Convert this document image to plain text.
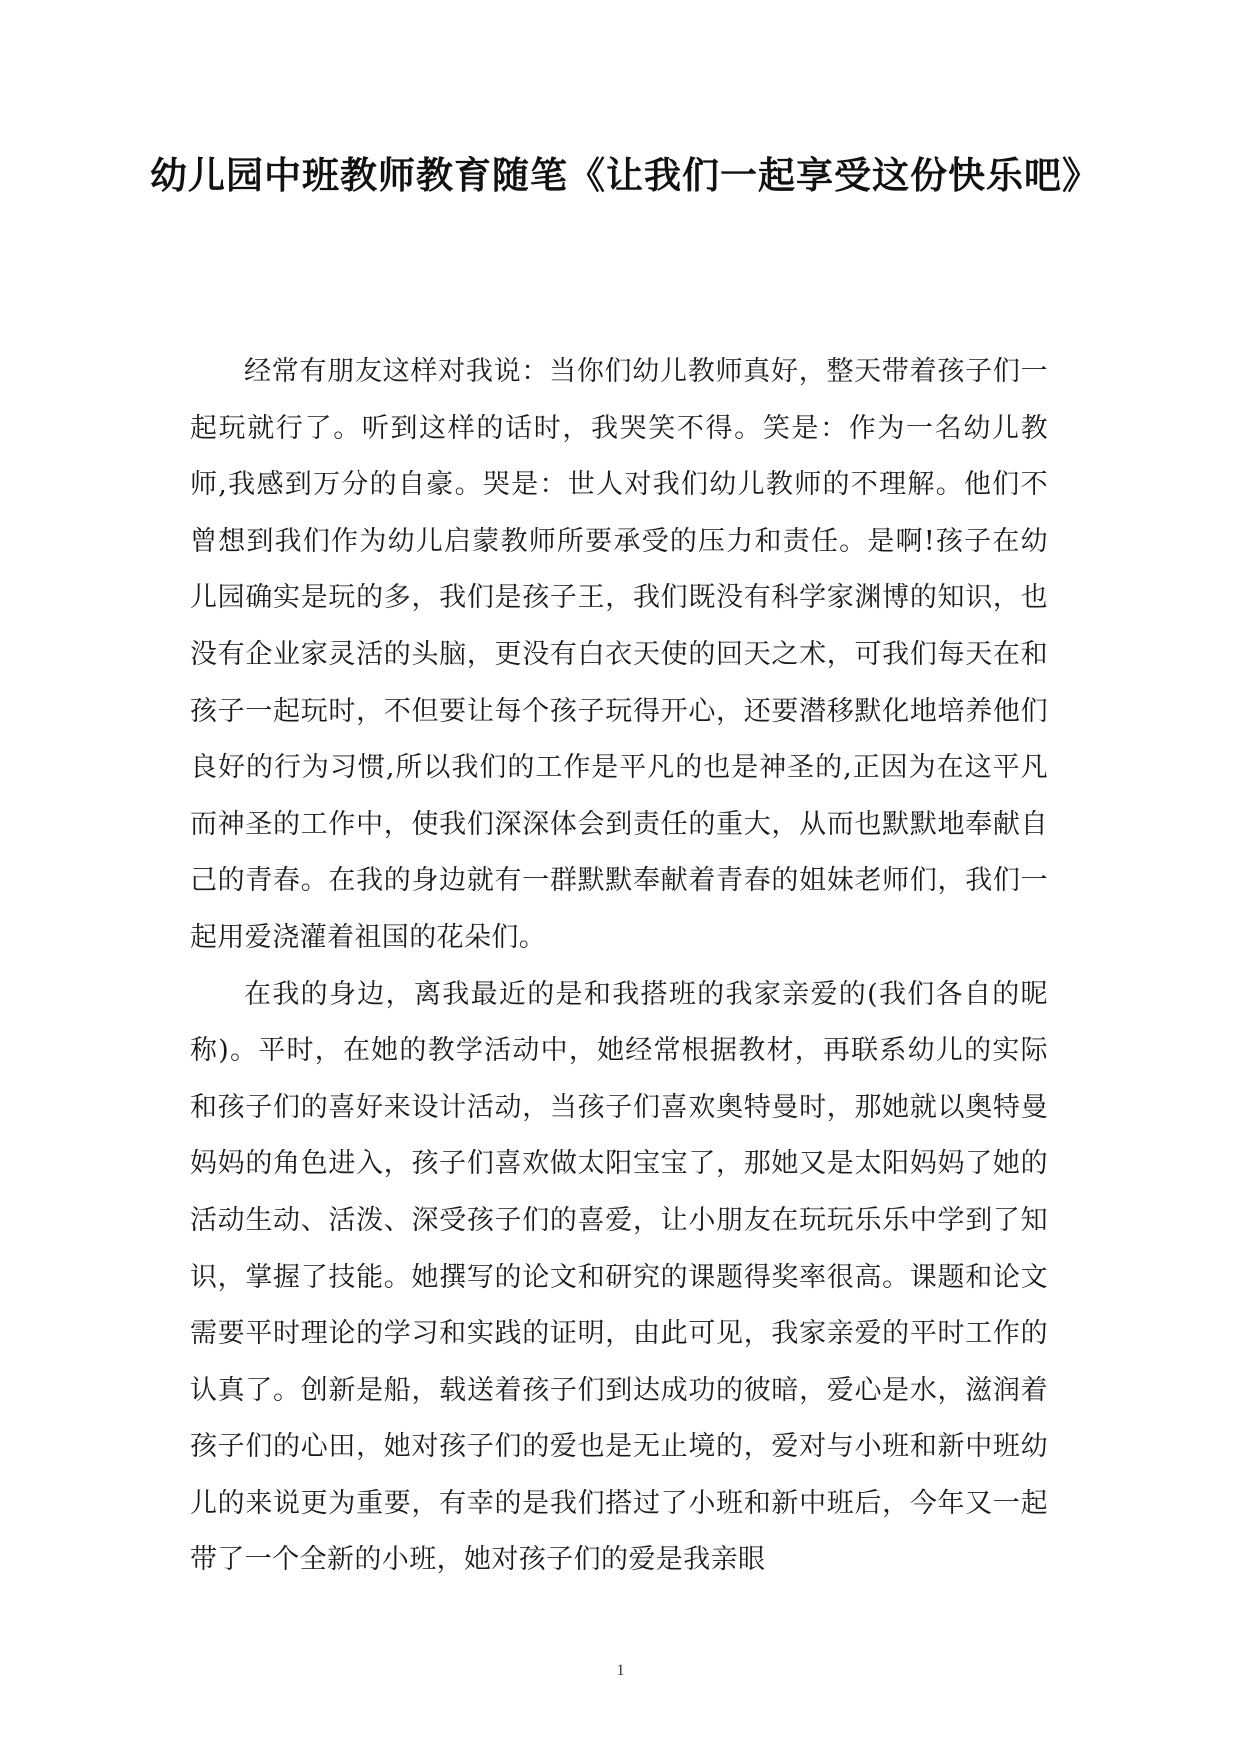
幼儿园中班教师教育随笔《让我们一起享受这份快乐吧》

经常有朋友这样对我说：当你们幼儿教师真好，整天带着孩子们一起玩就行了。听到这样的话时，我哭笑不得。笑是：作为一名幼儿教师,我感到万分的自豪。哭是：世人对我们幼儿教师的不理解。他们不曾想到我们作为幼儿启蒙教师所要承受的压力和责任。是啊!孩子在幼儿园确实是玩的多，我们是孩子王，我们既没有科学家渊博的知识，也没有企业家灵活的头脑，更没有白衣天使的回天之术，可我们每天在和孩子一起玩时，不但要让每个孩子玩得开心，还要潜移默化地培养他们良好的行为习惯,所以我们的工作是平凡的也是神圣的,正因为在这平凡而神圣的工作中，使我们深深体会到责任的重大，从而也默默地奉献自己的青春。在我的身边就有一群默默奉献着青春的姐妹老师们，我们一起用爱浇灌着祖国的花朵们。

在我的身边，离我最近的是和我搭班的我家亲爱的(我们各自的昵称)。平时，在她的教学活动中，她经常根据教材，再联系幼儿的实际和孩子们的喜好来设计活动，当孩子们喜欢奥特曼时，那她就以奥特曼妈妈的角色进入，孩子们喜欢做太阳宝宝了，那她又是太阳妈妈了她的活动生动、活泼、深受孩子们的喜爱，让小朋友在玩玩乐乐中学到了知识，掌握了技能。她撰写的论文和研究的课题得奖率很高。课题和论文需要平时理论的学习和实践的证明，由此可见，我家亲爱的平时工作的认真了。创新是船，载送着孩子们到达成功的彼暗，爱心是水，滋润着孩子们的心田，她对孩子们的爱也是无止境的，爱对与小班和新中班幼儿的来说更为重要，有幸的是我们搭过了小班和新中班后，今年又一起带了一个全新的小班，她对孩子们的爱是我亲眼

1
